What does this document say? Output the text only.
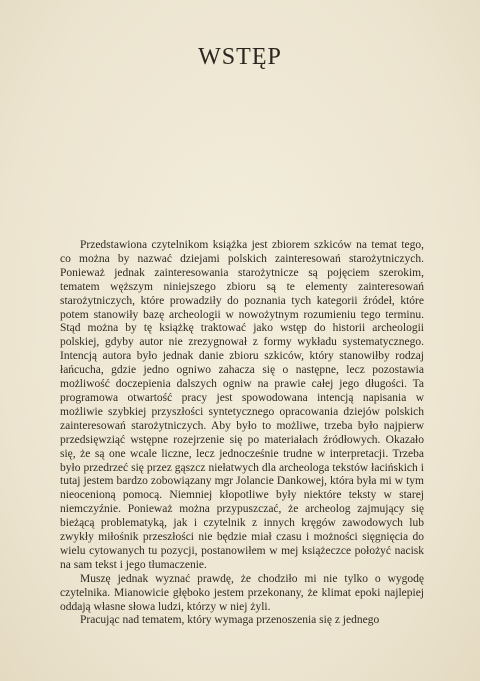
WSTĘP

Przedstawiona czytelnikom książka jest zbiorem szkiców na temat tego, co można by nazwać dziejami polskich zainteresowań starożytniczych. Ponieważ jednak zainteresowania starożytnicze są pojęciem szerokim, tematem węższym niniejszego zbioru są te elementy zainteresowań starożytniczych, które prowadziły do poznania tych kategorii źródeł, które potem stanowiły bazę archeologii w nowożytnym rozumieniu tego terminu. Stąd można by tę książkę traktować jako wstęp do historii archeologii polskiej, gdyby autor nie zrezygnował z formy wykładu systematycznego. Intencją autora było jednak danie zbioru szkiców, który stanowiłby rodzaj łańcucha, gdzie jedno ogniwo zahacza się o następne, lecz pozostawia możliwość doczepienia dalszych ogniw na prawie całej jego długości. Ta programowa otwartość pracy jest spowodowana intencją napisania w możliwie szybkiej przyszłości syntetycznego opracowania dziejów polskich zainteresowań starożytniczych. Aby było to możliwe, trzeba było najpierw przedsięwziąć wstępne rozejrzenie się po materiałach źródłowych. Okazało się, że są one wcale liczne, lecz jednocześnie trudne w interpretacji. Trzeba było przedrzeć się przez gąszcz niełatwych dla archeologa tekstów łacińskich i tutaj jestem bardzo zobowiązany mgr Jolancie Dankowej, która była mi w tym nieocenioną pomocą. Niemniej kłopotliwe były niektóre teksty w starej niemczyźnie. Ponieważ można przypuszczać, że archeolog zajmujący się bieżącą problematyką, jak i czytelnik z innych kręgów zawodowych lub zwykły miłośnik przeszłości nie będzie miał czasu i możności sięgnięcia do wielu cytowanych tu pozycji, postanowiłem w mej książeczce położyć nacisk na sam tekst i jego tłumaczenie.

Muszę jednak wyznać prawdę, że chodziło mi nie tylko o wygodę czytelnika. Mianowicie głęboko jestem przekonany, że klimat epoki najlepiej oddają własne słowa ludzi, którzy w niej żyli.

Pracując nad tematem, który wymaga przenoszenia się z jednego
